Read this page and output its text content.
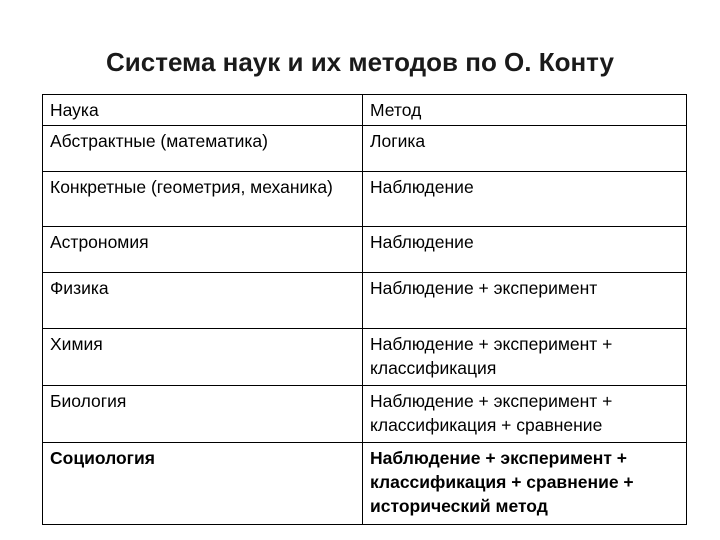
Система наук и их методов по О. Конту
Наука	Метод
Абстрактные (математика)	Логика
Конкретные (геометрия, механика)	Наблюдение
Астрономия	Наблюдение
Физика	Наблюдение + эксперимент
Химия	Наблюдение + эксперимент + классификация
Биология	Наблюдение + эксперимент + классификация + сравнение
Социология	Наблюдение + эксперимент + классификация + сравнение + исторический метод
